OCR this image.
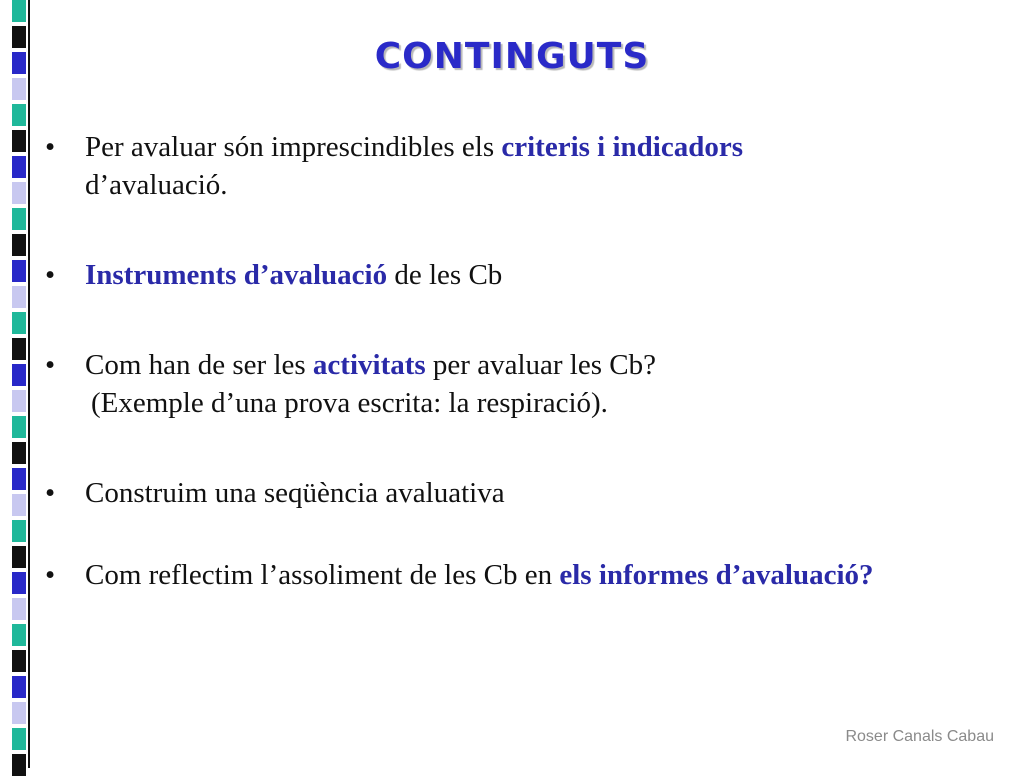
CONTINGUTS
• Per avaluar són imprescindibles els criteris i indicadors
d’avaluació.
• Instruments d’avaluació de les Cb
• Com han de ser les activitats per avaluar les Cb?
(Exemple d’una prova escrita: la respiració).
• Construim una seqüència avaluativa
• Com reflectim l’assoliment de les Cb en els informes d’avaluació?
Roser Canals Cabau
